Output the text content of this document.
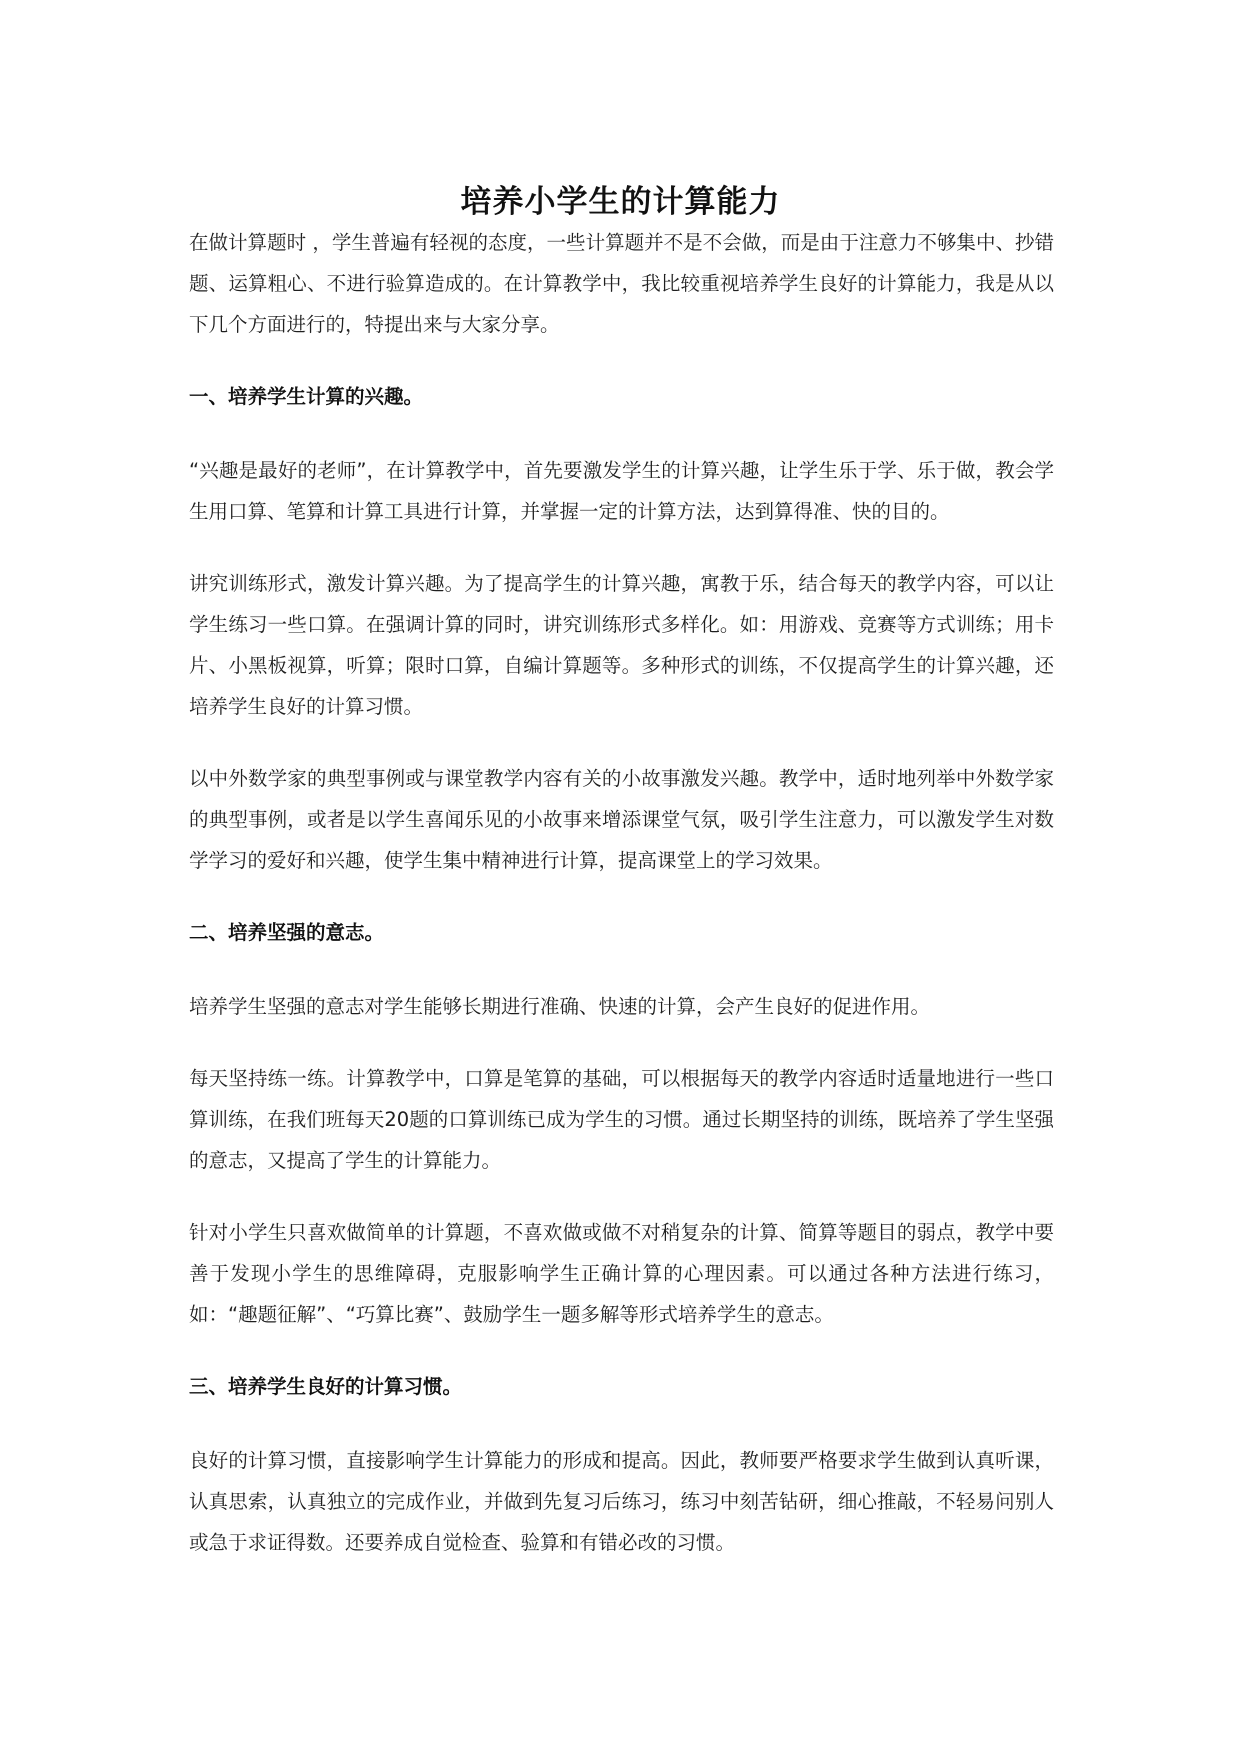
培养小学生的计算能力

在做计算题时 ，学生普遍有轻视的态度，一些计算题并不是不会做，而是由于注意力不够集中、抄错题、运算粗心、不进行验算造成的。在计算教学中，我比较重视培养学生良好的计算能力，我是从以下几个方面进行的，特提出来与大家分享。

一、培养学生计算的兴趣。

“兴趣是最好的老师”，在计算教学中，首先要激发学生的计算兴趣，让学生乐于学、乐于做，教会学生用口算、笔算和计算工具进行计算，并掌握一定的计算方法，达到算得准、快的目的。

讲究训练形式，激发计算兴趣。为了提高学生的计算兴趣，寓教于乐，结合每天的教学内容，可以让学生练习一些口算。在强调计算的同时，讲究训练形式多样化。如：用游戏、竞赛等方式训练；用卡片、小黑板视算，听算；限时口算，自编计算题等。多种形式的训练，不仅提高学生的计算兴趣，还培养学生良好的计算习惯。

以中外数学家的典型事例或与课堂教学内容有关的小故事激发兴趣。教学中，适时地列举中外数学家的典型事例，或者是以学生喜闻乐见的小故事来增添课堂气氛，吸引学生注意力，可以激发学生对数学学习的爱好和兴趣，使学生集中精神进行计算，提高课堂上的学习效果。

二、培养坚强的意志。

培养学生坚强的意志对学生能够长期进行准确、快速的计算，会产生良好的促进作用。

每天坚持练一练。计算教学中，口算是笔算的基础，可以根据每天的教学内容适时适量地进行一些口算训练，在我们班每天20题的口算训练已成为学生的习惯。通过长期坚持的训练，既培养了学生坚强的意志，又提高了学生的计算能力。

针对小学生只喜欢做简单的计算题，不喜欢做或做不对稍复杂的计算、简算等题目的弱点，教学中要善于发现小学生的思维障碍，克服影响学生正确计算的心理因素。可以通过各种方法进行练习，如：“趣题征解”、“巧算比赛”、鼓励学生一题多解等形式培养学生的意志。

三、培养学生良好的计算习惯。

良好的计算习惯，直接影响学生计算能力的形成和提高。因此，教师要严格要求学生做到认真听课，认真思索，认真独立的完成作业，并做到先复习后练习，练习中刻苦钻研，细心推敲，不轻易问别人或急于求证得数。还要养成自觉检查、验算和有错必改的习惯。
